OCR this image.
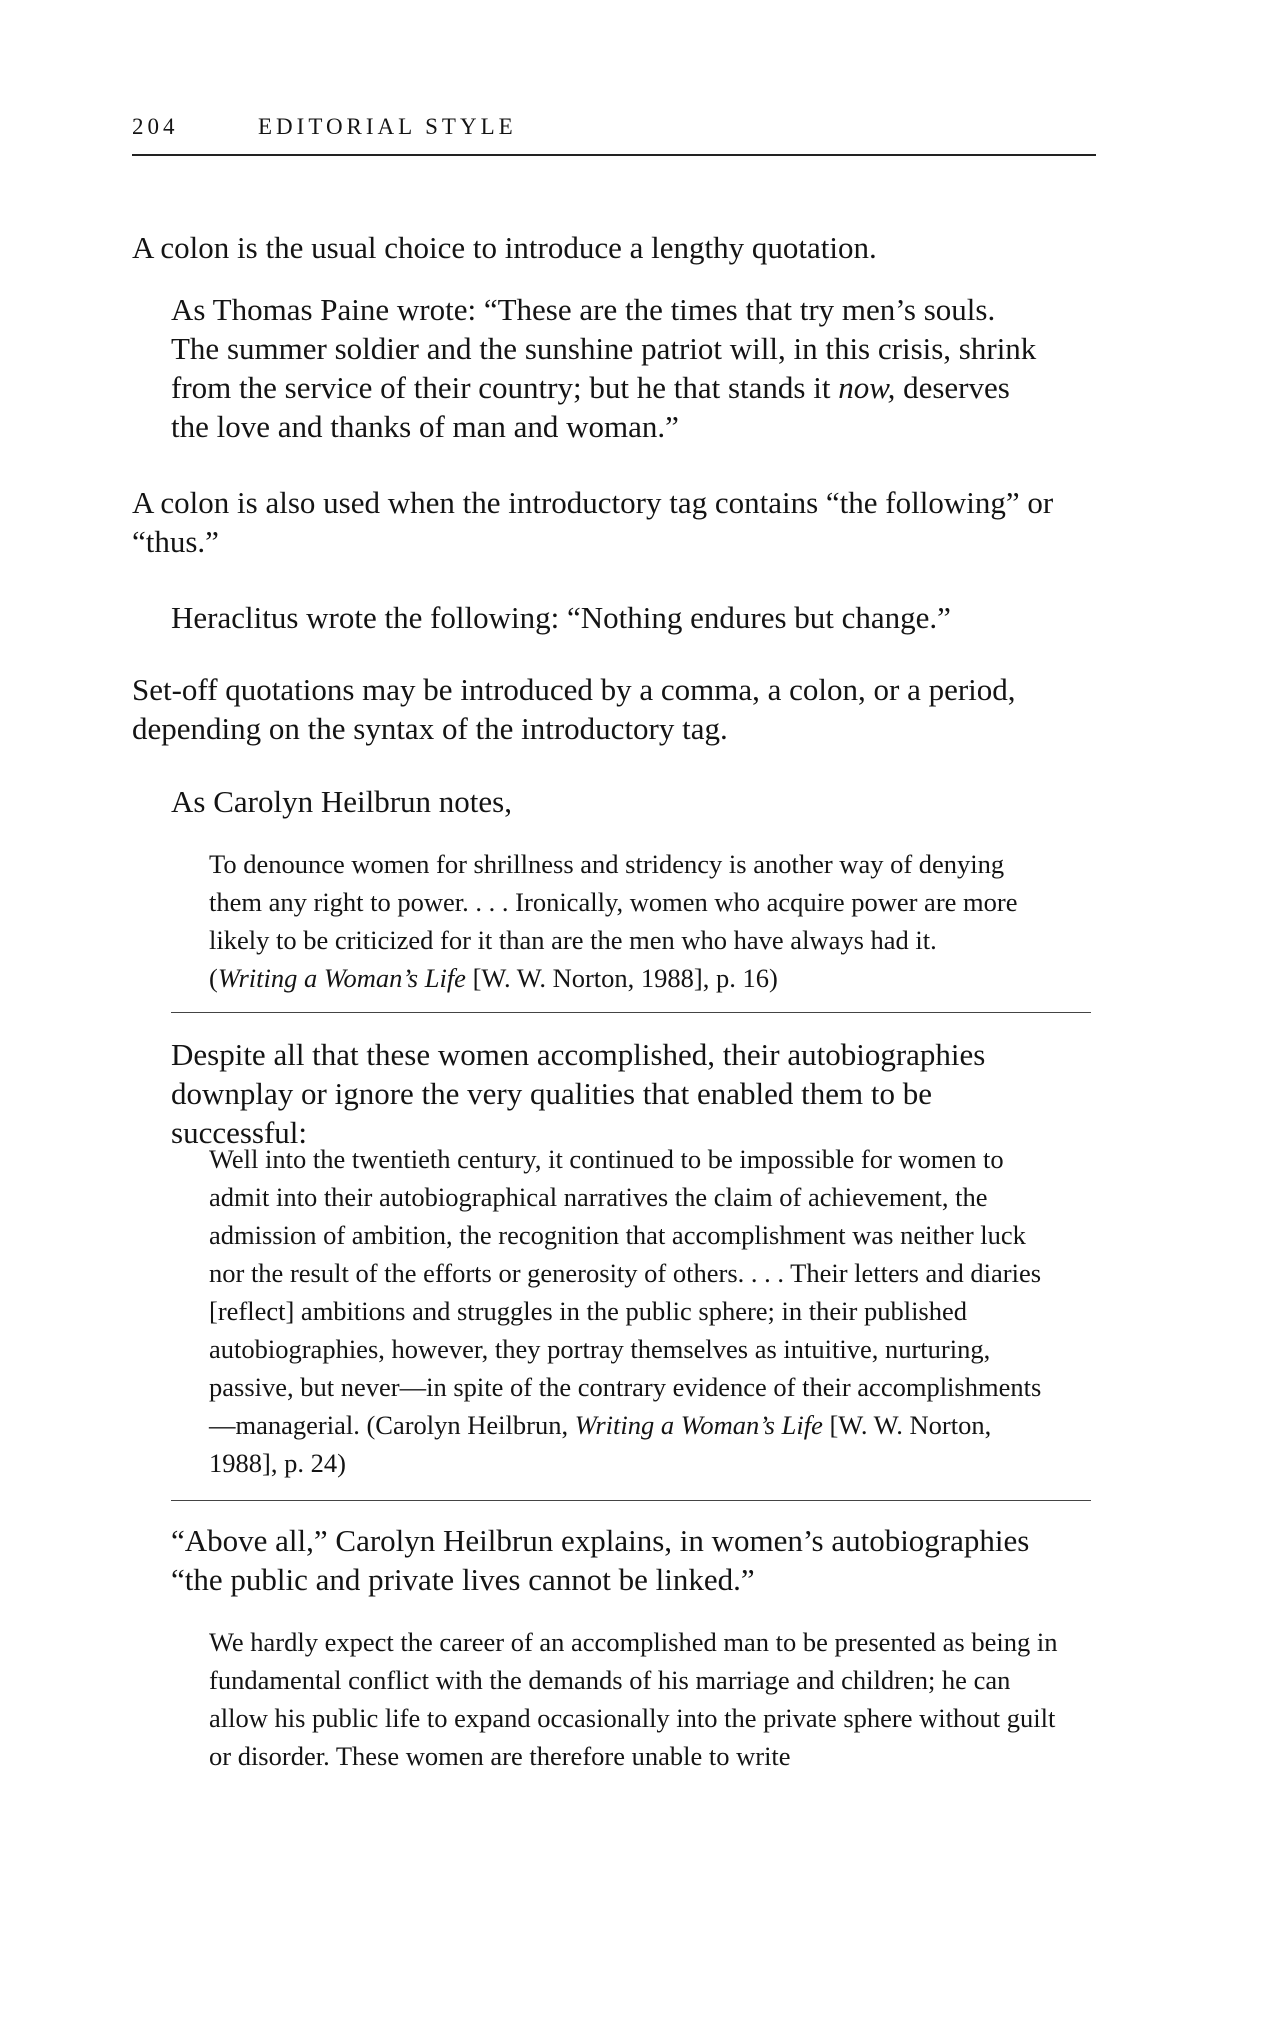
204	EDITORIAL STYLE

A colon is the usual choice to introduce a lengthy quotation.

As Thomas Paine wrote: “These are the times that try men’s souls. The summer soldier and the sunshine patriot will, in this crisis, shrink from the service of their country; but he that stands it now, deserves the love and thanks of man and woman.”

A colon is also used when the introductory tag contains “the following” or “thus.”

Heraclitus wrote the following: “Nothing endures but change.”

Set-off quotations may be introduced by a comma, a colon, or a period, depending on the syntax of the introductory tag.

As Carolyn Heilbrun notes,

To denounce women for shrillness and stridency is another way of denying them any right to power. . . . Ironically, women who acquire power are more likely to be criticized for it than are the men who have always had it.
(Writing a Woman’s Life [W. W. Norton, 1988], p. 16)

Despite all that these women accomplished, their autobiographies downplay or ignore the very qualities that enabled them to be successful:

Well into the twentieth century, it continued to be impossible for women to admit into their autobiographical narratives the claim of achievement, the admission of ambition, the recognition that accomplishment was neither luck nor the result of the efforts or generosity of others. . . . Their letters and diaries [reflect] ambitions and struggles in the public sphere; in their published autobiographies, however, they portray themselves as intuitive, nurturing, passive, but never—in spite of the contrary evidence of their accomplishments—managerial. (Carolyn Heilbrun, Writing a Woman’s Life [W. W. Norton, 1988], p. 24)

“Above all,” Carolyn Heilbrun explains, in women’s autobiographies “the public and private lives cannot be linked.”

We hardly expect the career of an accomplished man to be presented as being in fundamental conflict with the demands of his marriage and children; he can allow his public life to expand occasionally into the private sphere without guilt or disorder. These women are therefore unable to write
